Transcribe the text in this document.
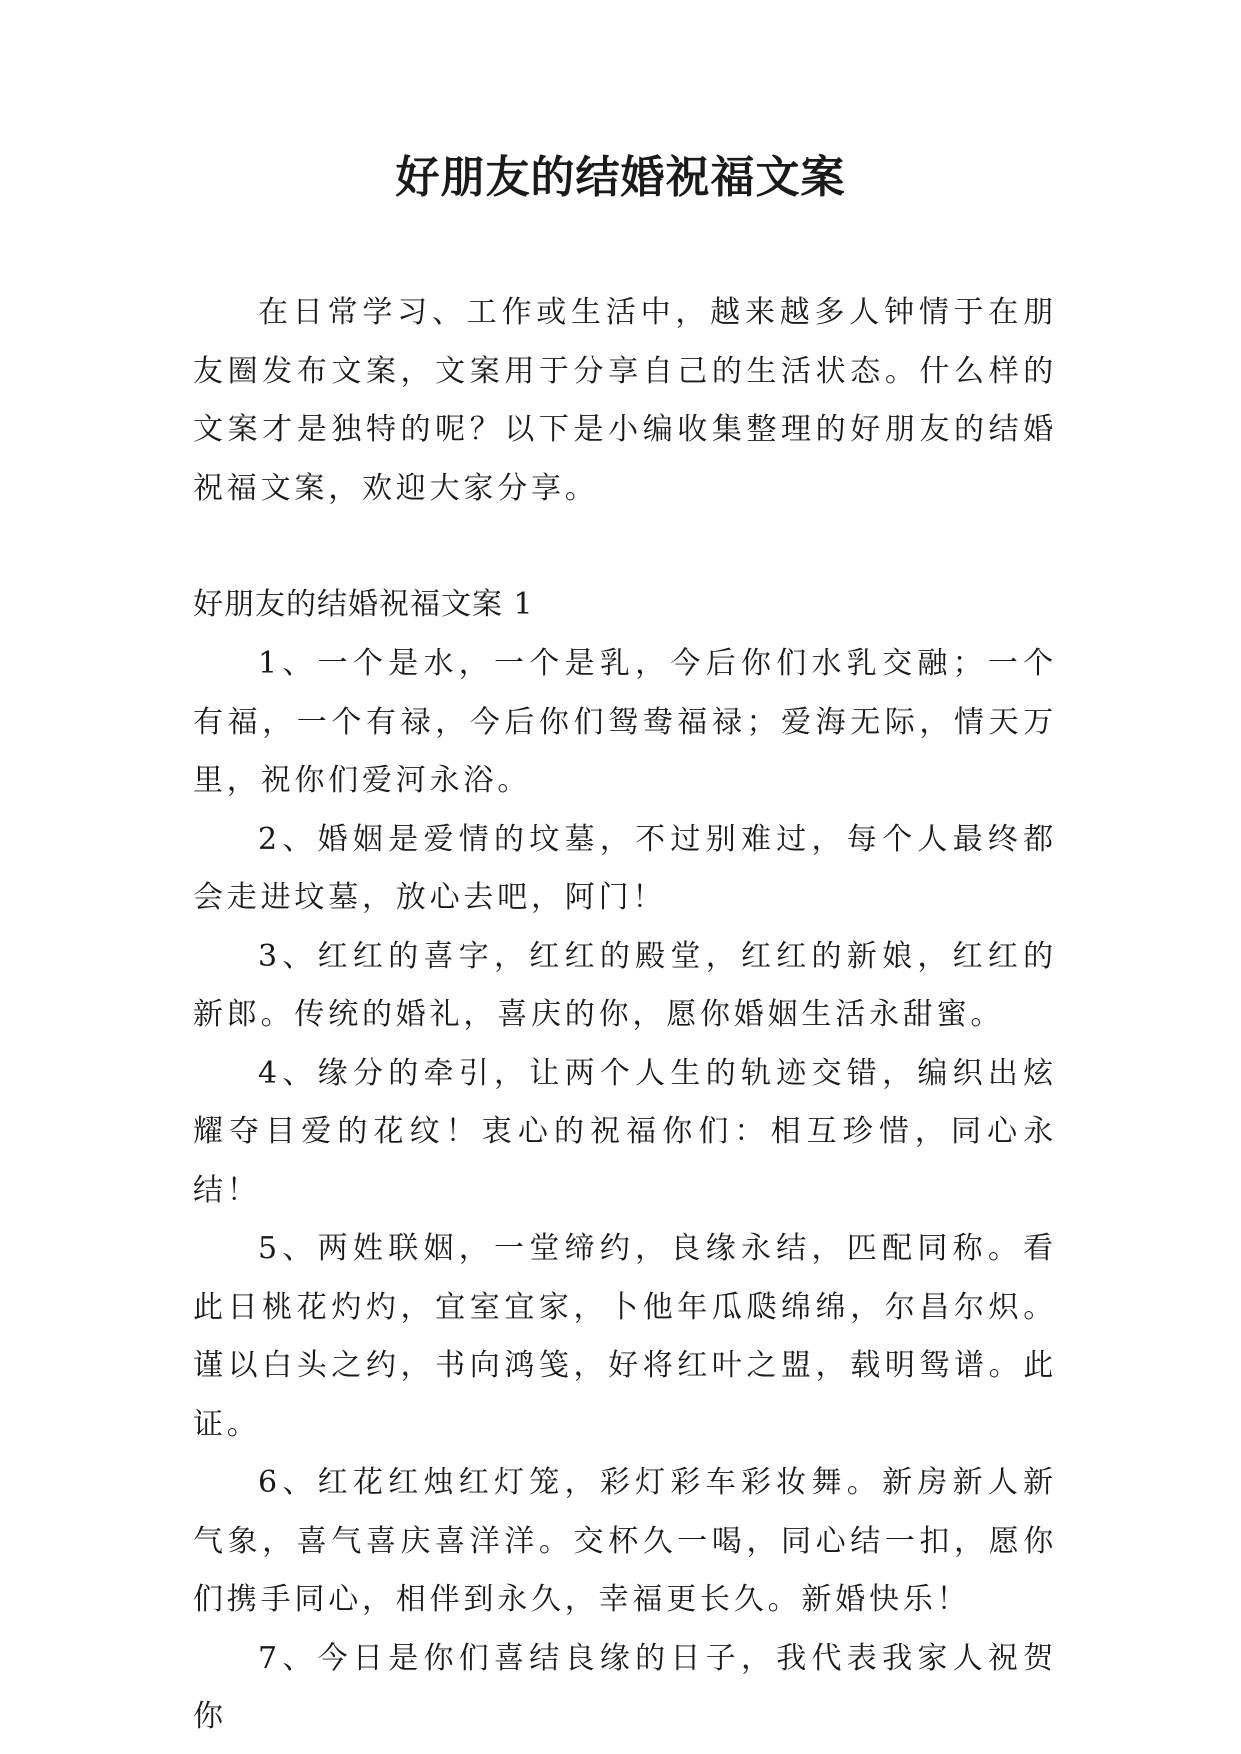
好朋友的结婚祝福文案

在日常学习、工作或生活中，越来越多人钟情于在朋友圈发布文案，文案用于分享自己的生活状态。什么样的文案才是独特的呢？以下是小编收集整理的好朋友的结婚祝福文案，欢迎大家分享。

好朋友的结婚祝福文案 1
1、一个是水，一个是乳，今后你们水乳交融；一个有福，一个有禄，今后你们鸳鸯福禄；爱海无际，情天万里，祝你们爱河永浴。
2、婚姻是爱情的坟墓，不过别难过，每个人最终都会走进坟墓，放心去吧，阿门！
3、红红的喜字，红红的殿堂，红红的新娘，红红的新郎。传统的婚礼，喜庆的你，愿你婚姻生活永甜蜜。
4、缘分的牵引，让两个人生的轨迹交错，编织出炫耀夺目爱的花纹！衷心的祝福你们：相互珍惜，同心永结！
5、两姓联姻，一堂缔约，良缘永结，匹配同称。看此日桃花灼灼，宜室宜家，卜他年瓜瓞绵绵，尔昌尔炽。谨以白头之约，书向鸿笺，好将红叶之盟，载明鸳谱。此证。
6、红花红烛红灯笼，彩灯彩车彩妆舞。新房新人新气象，喜气喜庆喜洋洋。交杯久一喝，同心结一扣，愿你们携手同心，相伴到永久，幸福更长久。新婚快乐！
7、今日是你们喜结良缘的日子，我代表我家人祝贺你
